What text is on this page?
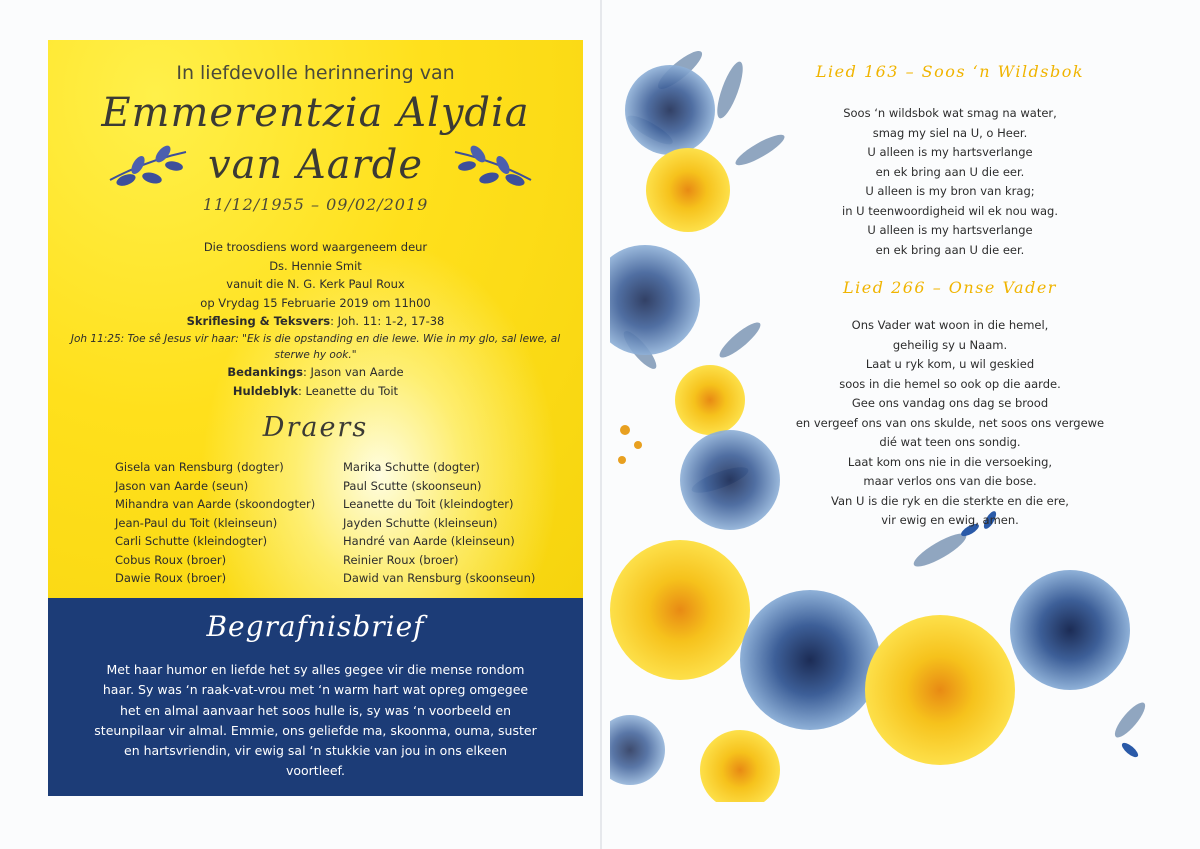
In liefdevolle herinnering van
Emmerentzia Alydia
van Aarde
11/12/1955 – 09/02/2019
Die troosdiens word waargeneem deur
Ds. Hennie Smit
vanuit die N. G. Kerk Paul Roux
op Vrydag 15 Februarie 2019 om 11h00
Skriflesing & Teksvers: Joh. 11: 1-2, 17-38
Joh 11:25: Toe sê Jesus vir haar: "Ek is die opstanding en die lewe. Wie in my glo, sal lewe, al sterwe hy ook."
Bedankings: Jason van Aarde
Huldeblyk: Leanette du Toit
Draers
Gisela van Rensburg (dogter)
Jason van Aarde (seun)
Mihandra van Aarde (skoondogter)
Jean-Paul du Toit (kleinseun)
Carli Schutte (kleindogter)
Cobus Roux (broer)
Dawie Roux (broer)
Marika Schutte (dogter)
Paul Scutte (skoonseun)
Leanette du Toit (kleindogter)
Jayden Schutte (kleinseun)
Handré van Aarde (kleinseun)
Reinier Roux (broer)
Dawid van Rensburg (skoonseun)
Begrafnisbrief
Met haar humor en liefde het sy alles gegee vir die mense rondom
haar. Sy was ‘n raak-vat-vrou met ‘n warm hart wat opreg omgegee
het en almal aanvaar het soos hulle is, sy was ‘n voorbeeld en
steunpilaar vir almal. Emmie, ons geliefde ma, skoonma, ouma, suster
en hartsvriendin, vir ewig sal ‘n stukkie van jou in ons elkeen
voortleef.
Lied 163 – Soos ‘n Wildsbok
Soos ‘n wildsbok wat smag na water,
smag my siel na U, o Heer.
U alleen is my hartsverlange
en ek bring aan U die eer.
U alleen is my bron van krag;
in U teenwoordigheid wil ek nou wag.
U alleen is my hartsverlange
en ek bring aan U die eer.
Lied 266 – Onse Vader
Ons Vader wat woon in die hemel,
geheilig sy u Naam.
Laat u ryk kom, u wil geskied
soos in die hemel so ook op die aarde.
Gee ons vandag ons dag se brood
en vergeef ons van ons skulde, net soos ons vergewe
dié wat teen ons sondig.
Laat kom ons nie in die versoeking,
maar verlos ons van die bose.
Van U is die ryk en die sterkte en die ere,
vir ewig en ewig, amen.
